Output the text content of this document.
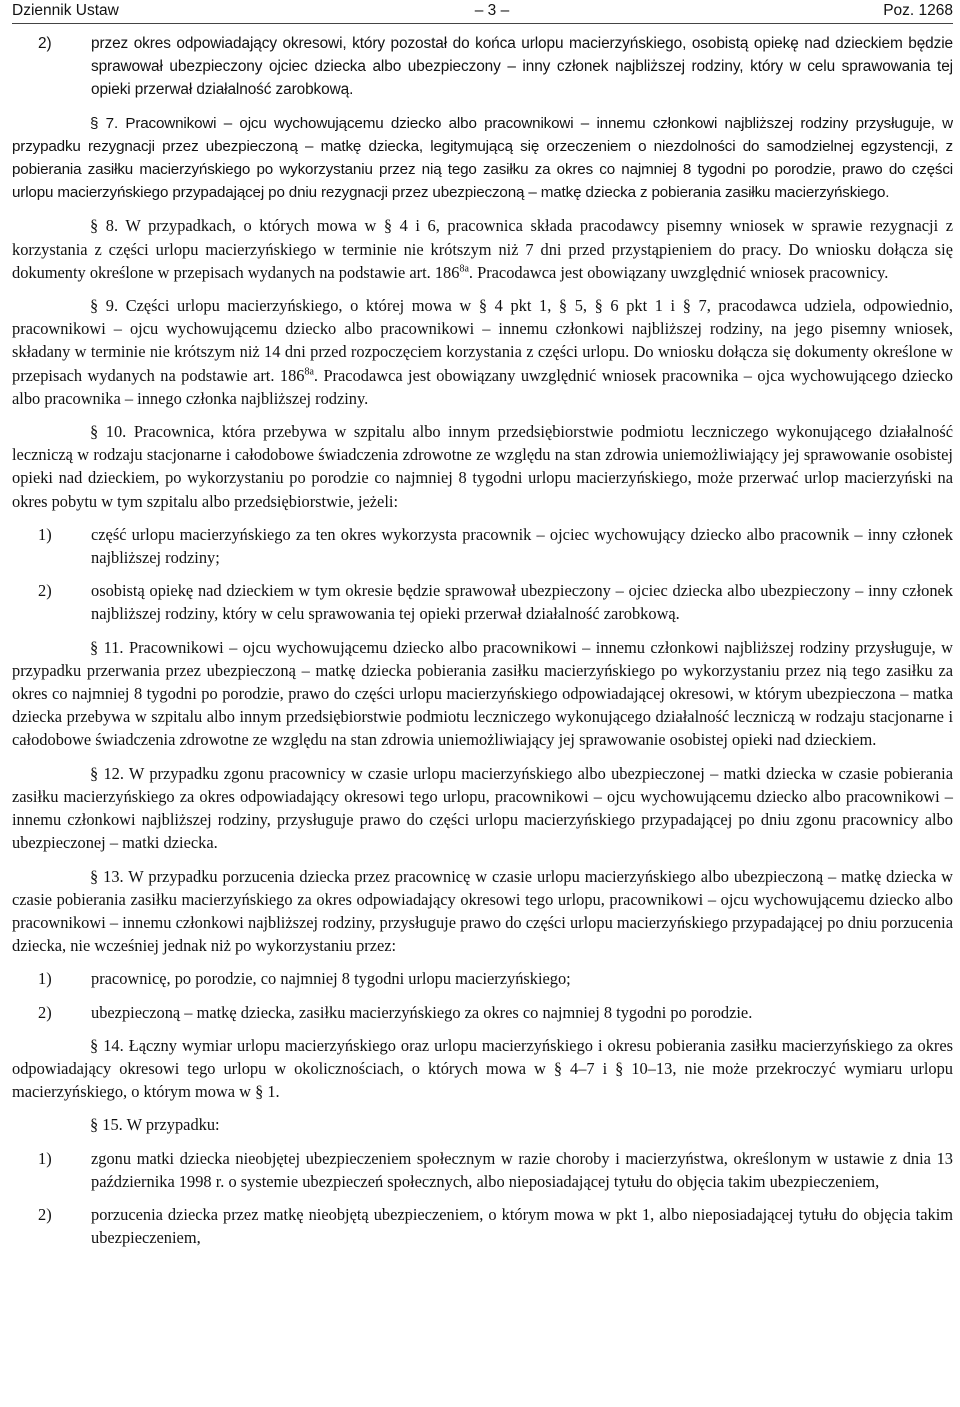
Dziennik Ustaw	– 3 –	Poz. 1268
2)	przez okres odpowiadający okresowi, który pozostał do końca urlopu macierzyńskiego, osobistą opiekę nad dzieckiem będzie sprawował ubezpieczony ojciec dziecka albo ubezpieczony – inny członek najbliższej rodziny, który w celu sprawowania tej opieki przerwał działalność zarobkową.
§ 7. Pracownikowi – ojcu wychowującemu dziecko albo pracownikowi – innemu członkowi najbliższej rodziny przysługuje, w przypadku rezygnacji przez ubezpieczoną – matkę dziecka, legitymującą się orzeczeniem o niezdolności do samodzielnej egzystencji, z pobierania zasiłku macierzyńskiego po wykorzystaniu przez nią tego zasiłku za okres co najmniej 8 tygodni po porodzie, prawo do części urlopu macierzyńskiego przypadającej po dniu rezygnacji przez ubezpieczoną – matkę dziecka z pobierania zasiłku macierzyńskiego.
§ 8. W przypadkach, o których mowa w § 4 i 6, pracownica składa pracodawcy pisemny wniosek w sprawie rezygnacji z korzystania z części urlopu macierzyńskiego w terminie nie krótszym niż 7 dni przed przystąpieniem do pracy. Do wniosku dołącza się dokumenty określone w przepisach wydanych na podstawie art. $186^{8a}$. Pracodawca jest obowiązany uwzględnić wniosek pracownicy.
§ 9. Części urlopu macierzyńskiego, o której mowa w § 4 pkt 1, § 5, § 6 pkt 1 i § 7, pracodawca udziela, odpowiednio, pracownikowi – ojcu wychowującemu dziecko albo pracownikowi – innemu członkowi najbliższej rodziny, na jego pisemny wniosek, składany w terminie nie krótszym niż 14 dni przed rozpoczęciem korzystania z części urlopu. Do wniosku dołącza się dokumenty określone w przepisach wydanych na podstawie art. $186^{8a}$. Pracodawca jest obowiązany uwzględnić wniosek pracownika – ojca wychowującego dziecko albo pracownika – innego członka najbliższej rodziny.
§ 10. Pracownica, która przebywa w szpitalu albo innym przedsiębiorstwie podmiotu leczniczego wykonującego działalność leczniczą w rodzaju stacjonarne i całodobowe świadczenia zdrowotne ze względu na stan zdrowia uniemożliwiający jej sprawowanie osobistej opieki nad dzieckiem, po wykorzystaniu po porodzie co najmniej 8 tygodni urlopu macierzyńskiego, może przerwać urlop macierzyński na okres pobytu w tym szpitalu albo przedsiębiorstwie, jeżeli:
1) część urlopu macierzyńskiego za ten okres wykorzysta pracownik – ojciec wychowujący dziecko albo pracownik – inny członek najbliższej rodziny;
2) osobistą opiekę nad dzieckiem w tym okresie będzie sprawował ubezpieczony – ojciec dziecka albo ubezpieczony – inny członek najbliższej rodziny, który w celu sprawowania tej opieki przerwał działalność zarobkową.
§ 11. Pracownikowi – ojcu wychowującemu dziecko albo pracownikowi – innemu członkowi najbliższej rodziny przysługuje, w przypadku przerwania przez ubezpieczoną – matkę dziecka pobierania zasiłku macierzyńskiego po wykorzystaniu przez nią tego zasiłku za okres co najmniej 8 tygodni po porodzie, prawo do części urlopu macierzyńskiego odpowiadającej okresowi, w którym ubezpieczona – matka dziecka przebywa w szpitalu albo innym przedsiębiorstwie podmiotu leczniczego wykonującego działalność leczniczą w rodzaju stacjonarne i całodobowe świadczenia zdrowotne ze względu na stan zdrowia uniemożliwiający jej sprawowanie osobistej opieki nad dzieckiem.
§ 12. W przypadku zgonu pracownicy w czasie urlopu macierzyńskiego albo ubezpieczonej – matki dziecka w czasie pobierania zasiłku macierzyńskiego za okres odpowiadający okresowi tego urlopu, pracownikowi – ojcu wychowującemu dziecko albo pracownikowi – innemu członkowi najbliższej rodziny, przysługuje prawo do części urlopu macierzyńskiego przypadającej po dniu zgonu pracownicy albo ubezpieczonej – matki dziecka.
§ 13. W przypadku porzucenia dziecka przez pracownicę w czasie urlopu macierzyńskiego albo ubezpieczoną – matkę dziecka w czasie pobierania zasiłku macierzyńskiego za okres odpowiadający okresowi tego urlopu, pracownikowi – ojcu wychowującemu dziecko albo pracownikowi – innemu członkowi najbliższej rodziny, przysługuje prawo do części urlopu macierzyńskiego przypadającej po dniu porzucenia dziecka, nie wcześniej jednak niż po wykorzystaniu przez:
1) pracownicę, po porodzie, co najmniej 8 tygodni urlopu macierzyńskiego;
2) ubezpieczoną – matkę dziecka, zasiłku macierzyńskiego za okres co najmniej 8 tygodni po porodzie.
§ 14. Łączny wymiar urlopu macierzyńskiego oraz urlopu macierzyńskiego i okresu pobierania zasiłku macierzyńskiego za okres odpowiadający okresowi tego urlopu w okolicznościach, o których mowa w § 4–7 i § 10–13, nie może przekroczyć wymiaru urlopu macierzyńskiego, o którym mowa w § 1.
§ 15. W przypadku:
1) zgonu matki dziecka nieobjętej ubezpieczeniem społecznym w razie choroby i macierzyństwa, określonym w ustawie z dnia 13 października 1998 r. o systemie ubezpieczeń społecznych, albo nieposiadającej tytułu do objęcia takim ubezpieczeniem,
2) porzucenia dziecka przez matkę nieobjętą ubezpieczeniem, o którym mowa w pkt 1, albo nieposiadającej tytułu do objęcia takim ubezpieczeniem,
